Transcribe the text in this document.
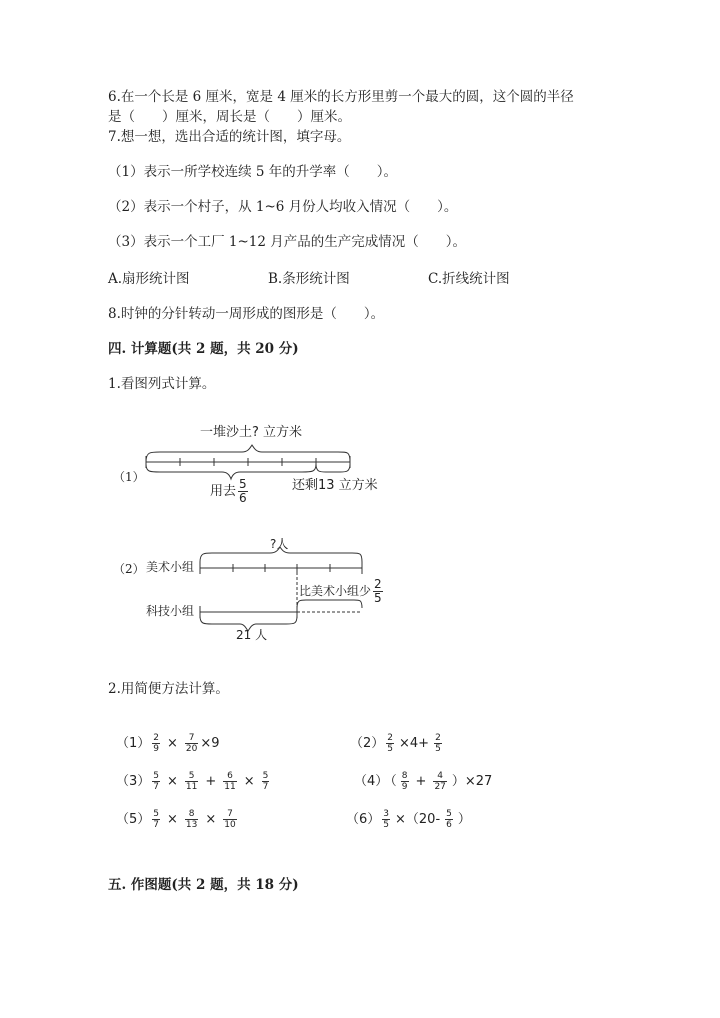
6.在一个长是 6 厘米，宽是 4 厘米的长方形里剪一个最大的圆，这个圆的半径
是（　　）厘米，周长是（　　）厘米。
7.想一想，选出合适的统计图，填字母。
（1）表示一所学校连续 5 年的升学率（　　）。
（2）表示一个村子，从 1~6 月份人均收入情况（　　）。
（3）表示一个工厂 1~12 月产品的生产完成情况（　　）。
A.扇形统计图	B.条形统计图	C.折线统计图
8.时钟的分针转动一周形成的图形是（　　）。
四. 计算题(共 2 题，共 20 分)
1.看图列式计算。
（1）
一堆沙土? 立方米
用去 $\frac{5}{6}$	还剩13 立方米
（2） 美术小组
科技小组
?人
比美术小组少 $\frac{2}{5}$
21 人
2.用简便方法计算。
$(1) \frac{2}{9} \times \frac{7}{20} \times 9$	$(2) \frac{2}{5} \times 4+ \frac{2}{5}$
$(3) \frac{5}{7} \times \frac{5}{11} + \frac{6}{11} \times \frac{5}{7}$	（4） （ $\frac{8}{9} + \frac{4}{27} )\times 27$
$(5) \frac{5}{7} \times \frac{8}{13} \times \frac{7}{10}$	$(6) \frac{3}{5} \times(20- \frac{5}{6}$ ）
五. 作图题(共 2 题，共 18 分)
